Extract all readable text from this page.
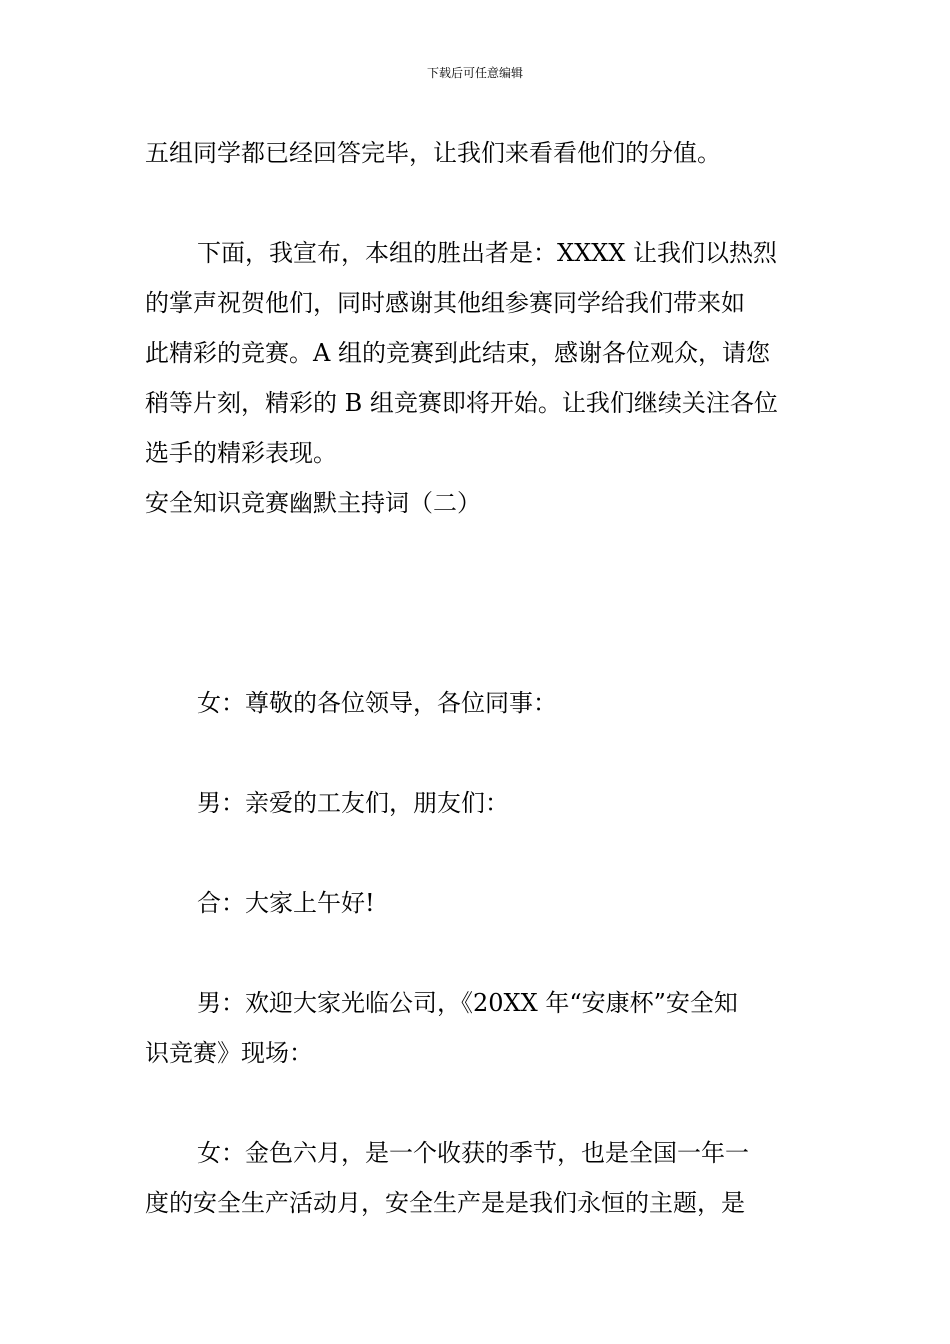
下载后可任意编辑

五组同学都已经回答完毕，让我们来看看他们的分值。

下面，我宣布，本组的胜出者是：XXXX 让我们以热烈

的掌声祝贺他们，同时感谢其他组参赛同学给我们带来如

此精彩的竞赛。A 组的竞赛到此结束，感谢各位观众，请您

稍等片刻，精彩的 B 组竞赛即将开始。让我们继续关注各位

选手的精彩表现。

安全知识竞赛幽默主持词（二）

女：尊敬的各位领导，各位同事：

男：亲爱的工友们，朋友们：

合：大家上午好!

男：欢迎大家光临公司，《20XX 年“安康杯”安全知

识竞赛》现场：

女：金色六月，是一个收获的季节，也是全国一年一

度的安全生产活动月，安全生产是是我们永恒的主题，是
